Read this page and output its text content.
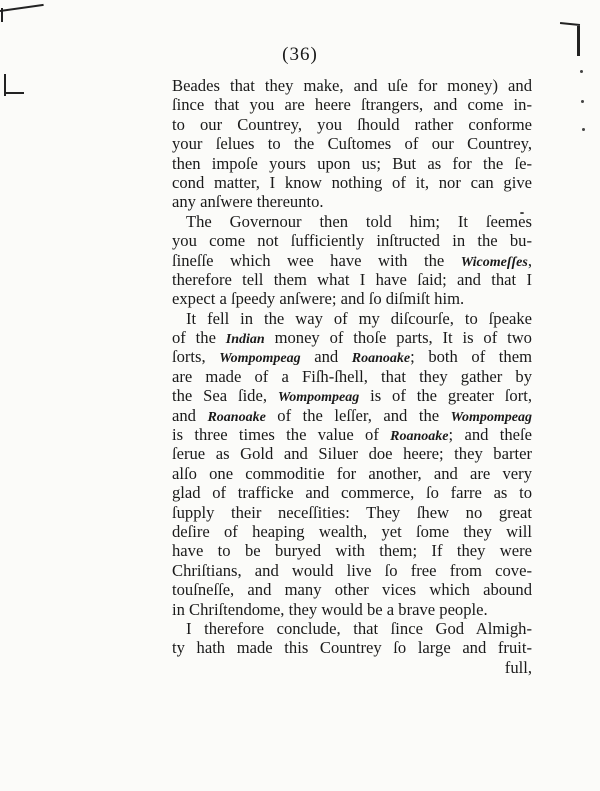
(36)
Beades that they make, and uſe for money) and
ſince that you are heere ſtrangers, and come in-
to our Countrey, you ſhould rather conforme
your ſelues to the Cuſtomes of our Countrey,
then impoſe yours upon us; But as for the ſe-
cond matter, I know nothing of it, nor can give
any anſwere thereunto.
The Governour then told him; It ſeemes
you come not ſufficiently inſtructed in the bu-
ſineſſe which wee have with the Wicomeſſes,
therefore tell them what I have ſaid; and that I
expect a ſpeedy anſwere; and ſo diſmiſt him.
It fell in the way of my diſcourſe, to ſpeake
of the Indian money of thoſe parts, It is of two
ſorts, Wompompeag and Roanoake; both of them
are made of a Fiſh-ſhell, that they gather by
the Sea ſide, Wompompeag is of the greater ſort,
and Roanoake of the leſſer, and the Wompompeag
is three times the value of Roanoake; and theſe
ſerue as Gold and Siluer doe heere; they barter
alſo one commoditie for another, and are very
glad of trafficke and commerce, ſo farre as to
ſupply their neceſſities: They ſhew no great
deſire of heaping wealth, yet ſome they will
have to be buryed with them; If they were
Chriſtians, and would live ſo free from cove-
touſneſſe, and many other vices which abound
in Chriſtendome, they would be a brave people.
I therefore conclude, that ſince God Almigh-
ty hath made this Countrey ſo large and fruit-
full,
